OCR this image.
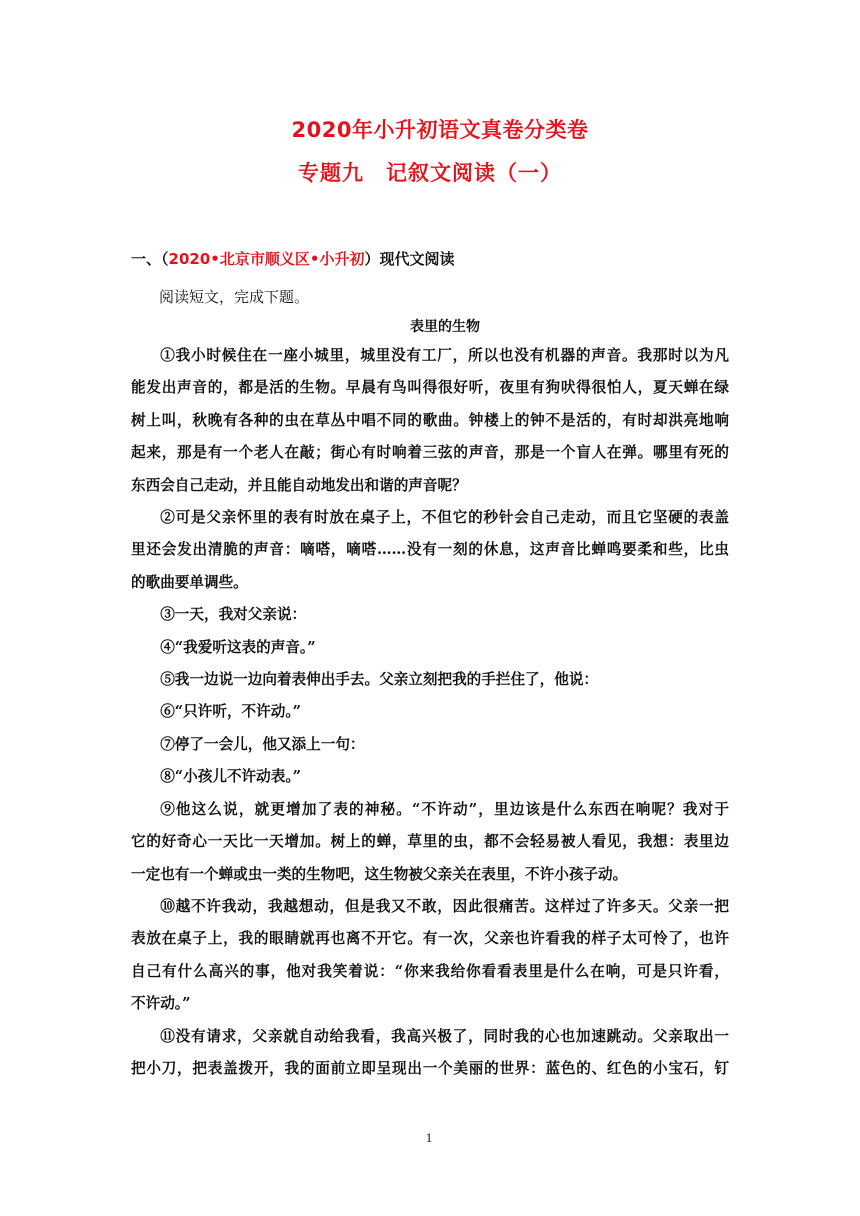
2020年小升初语文真卷分类卷
专题九　记叙文阅读（一）
一、（2020•北京市顺义区•小升初）现代文阅读
阅读短文，完成下题。
表里的生物
①我小时候住在一座小城里，城里没有工厂，所以也没有机器的声音。我那时以为凡
能发出声音的，都是活的生物。早晨有鸟叫得很好听，夜里有狗吠得很怕人，夏天蝉在绿
树上叫，秋晚有各种的虫在草丛中唱不同的歌曲。钟楼上的钟不是活的，有时却洪亮地响
起来，那是有一个老人在敲；街心有时响着三弦的声音，那是一个盲人在弹。哪里有死的
东西会自己走动，并且能自动地发出和谐的声音呢？
②可是父亲怀里的表有时放在桌子上，不但它的秒针会自己走动，而且它坚硬的表盖
里还会发出清脆的声音：嘀嗒，嘀嗒……没有一刻的休息，这声音比蝉鸣要柔和些，比虫
的歌曲要单调些。
③一天，我对父亲说：
④“我爱听这表的声音。”
⑤我一边说一边向着表伸出手去。父亲立刻把我的手拦住了，他说：
⑥“只许听，不许动。”
⑦停了一会儿，他又添上一句：
⑧“小孩儿不许动表。”
⑨他这么说，就更增加了表的神秘。“不许动”，里边该是什么东西在响呢？我对于
它的好奇心一天比一天增加。树上的蝉，草里的虫，都不会轻易被人看见，我想：表里边
一定也有一个蝉或虫一类的生物吧，这生物被父亲关在表里，不许小孩子动。
⑩越不许我动，我越想动，但是我又不敢，因此很痛苦。这样过了许多天。父亲一把
表放在桌子上，我的眼睛就再也离不开它。有一次，父亲也许看我的样子太可怜了，也许
自己有什么高兴的事，他对我笑着说：“你来我给你看看表里是什么在响，可是只许看，
不许动。”
⑪没有请求，父亲就自动给我看，我高兴极了，同时我的心也加速跳动。父亲取出一
把小刀，把表盖拨开，我的面前立即呈现出一个美丽的世界：蓝色的、红色的小宝石，钉
1
